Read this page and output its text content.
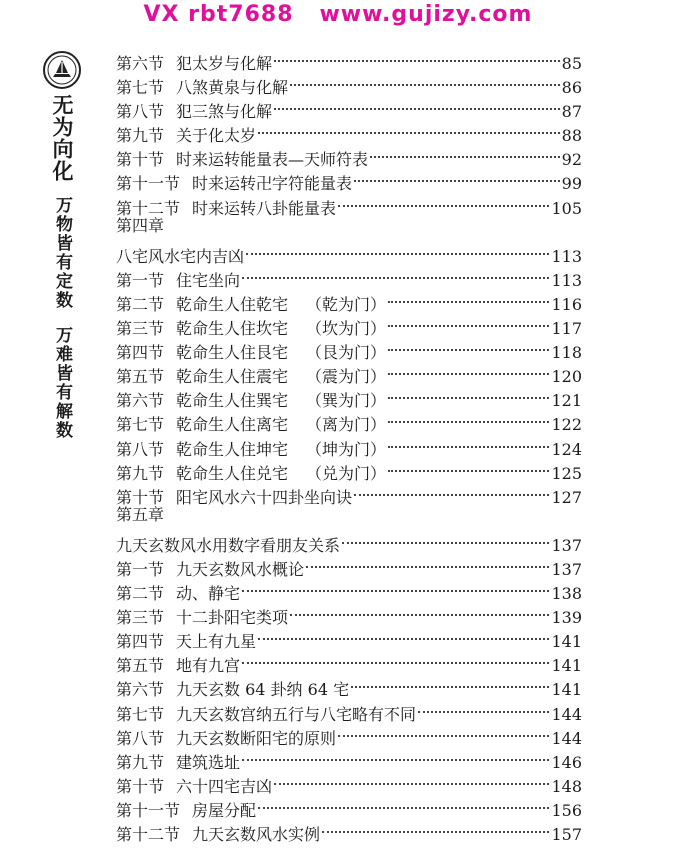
VX rbt7688   www.gujizy.com
无为向化
万物皆有定数
万难皆有解数
第六节 犯太岁与化解	85
第七节 八煞黄泉与化解	86
第八节 犯三煞与化解	87
第九节 关于化太岁	88
第十节 时来运转能量表—天师符表	92
第十一节 时来运转卍字符能量表	99
第十二节 时来运转八卦能量表	105
第四章
八宅风水宅内吉凶	113
第一节 住宅坐向	113
第二节 乾命生人住乾宅 （乾为门）	116
第三节 乾命生人住坎宅 （坎为门）	117
第四节 乾命生人住艮宅 （艮为门）	118
第五节 乾命生人住震宅 （震为门）	120
第六节 乾命生人住巽宅 （巽为门）	121
第七节 乾命生人住离宅 （离为门）	122
第八节 乾命生人住坤宅 （坤为门）	124
第九节 乾命生人住兑宅 （兑为门）	125
第十节 阳宅风水六十四卦坐向诀	127
第五章
九天玄数风水用数字看朋友关系	137
第一节 九天玄数风水概论	137
第二节 动、静宅	138
第三节 十二卦阳宅类项	139
第四节 天上有九星	141
第五节 地有九宫	141
第六节 九天玄数 64 卦纳 64 宅	141
第七节 九天玄数宫纳五行与八宅略有不同	144
第八节 九天玄数断阳宅的原则	144
第九节 建筑选址	146
第十节 六十四宅吉凶	148
第十一节 房屋分配	156
第十二节 九天玄数风水实例	157
